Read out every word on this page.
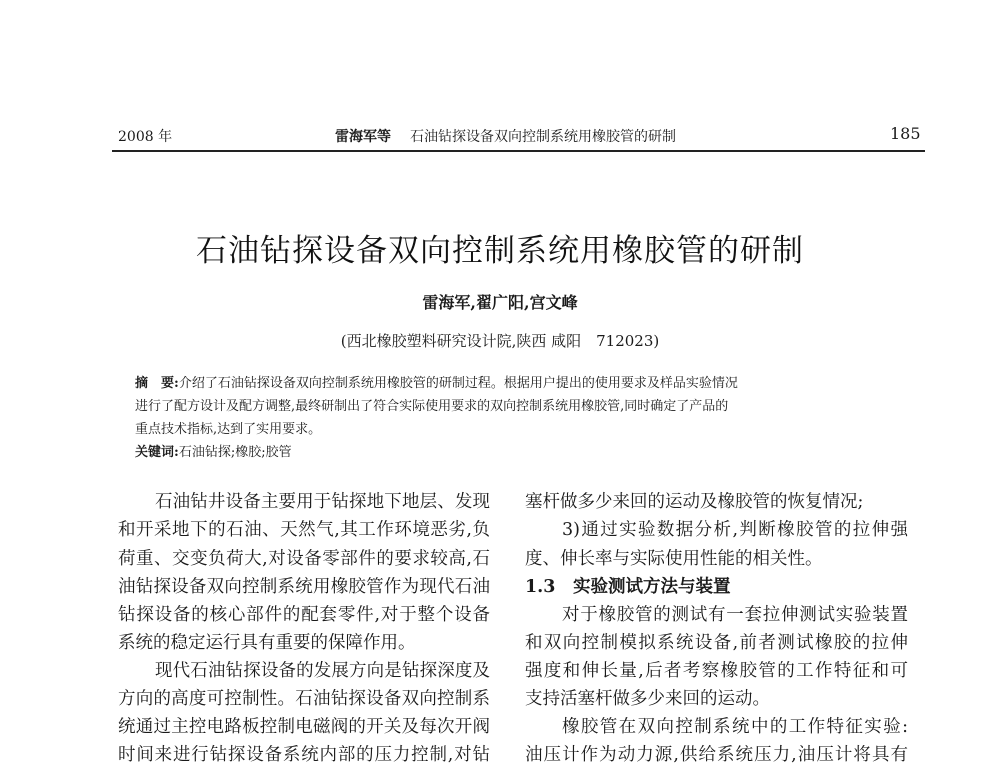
2008 年	雷海军等 石油钻探设备双向控制系统用橡胶管的研制	185
石油钻探设备双向控制系统用橡胶管的研制
雷海军,翟广阳,宫文峰
(西北橡胶塑料研究设计院,陕西 咸阳　712023)
摘　要:介绍了石油钻探设备双向控制系统用橡胶管的研制过程。根据用户提出的使用要求及样品实验情况
进行了配方设计及配方调整,最终研制出了符合实际使用要求的双向控制系统用橡胶管,同时确定了产品的
重点技术指标,达到了实用要求。
关键词:石油钻探;橡胶;胶管
石油钻井设备主要用于钻探地下地层、发现
和开采地下的石油、天然气,其工作环境恶劣,负
荷重、交变负荷大,对设备零部件的要求较高,石
油钻探设备双向控制系统用橡胶管作为现代石油
钻探设备的核心部件的配套零件,对于整个设备
系统的稳定运行具有重要的保障作用。
现代石油钻探设备的发展方向是钻探深度及
方向的高度可控制性。石油钻探设备双向控制系
统通过主控电路板控制电磁阀的开关及每次开阀
时间来进行钻探设备系统内部的压力控制,对钻
塞杆做多少来回的运动及橡胶管的恢复情况;
3)通过实验数据分析,判断橡胶管的拉伸强
度、伸长率与实际使用性能的相关性。
1.3　实验测试方法与装置
对于橡胶管的测试有一套拉伸测试实验装置
和双向控制模拟系统设备,前者测试橡胶的拉伸
强度和伸长量,后者考察橡胶管的工作特征和可
支持活塞杆做多少来回的运动。
橡胶管在双向控制系统中的工作特征实验:
油压计作为动力源,供给系统压力,油压计将具有
